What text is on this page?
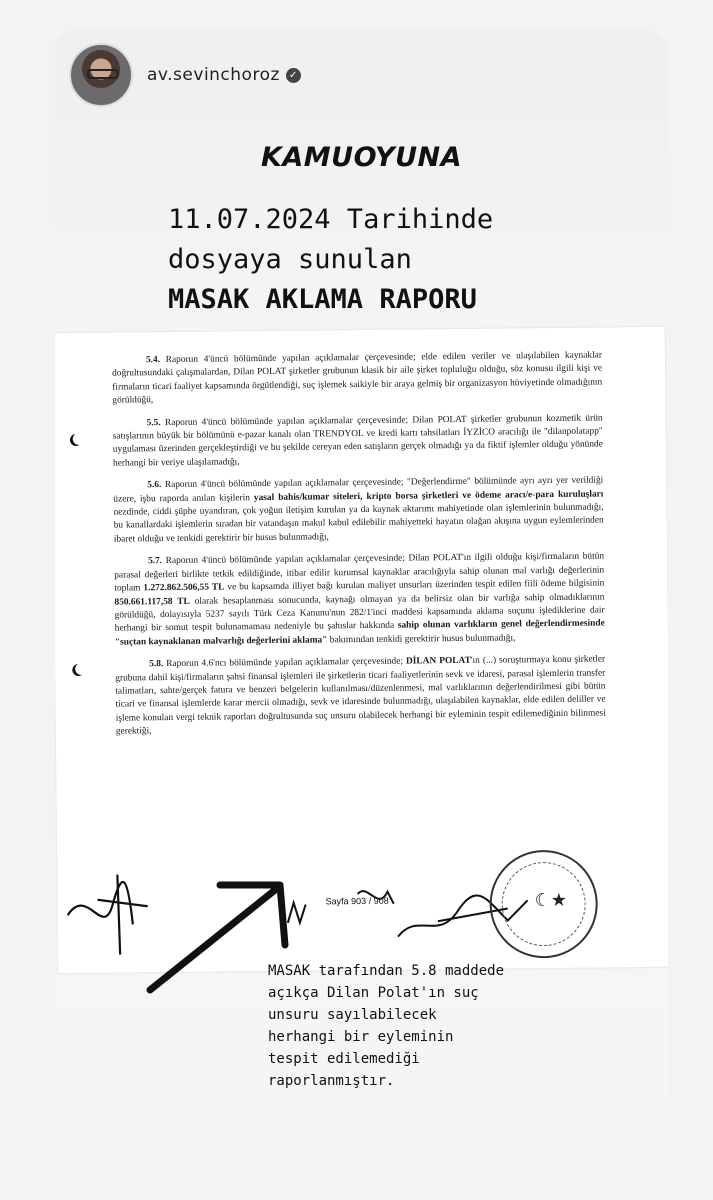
av.sevinchoroz ✓
KAMUOYUNA
11.07.2024 Tarihinde
dosyaya sunulan
MASAK AKLAMA RAPORU
5.4. Raporun 4'üncü bölümünde yapılan açıklamalar çerçevesinde; elde edilen veriler ve ulaşılabilen kaynaklar doğrultusundaki çalışmalardan, Dilan POLAT şirketler grubunun klasik bir aile şirket topluluğu olduğu, söz konusu ilgili kişi ve firmaların ticari faaliyet kapsamında örgütlendiği, suç işlemek saikiyle bir araya gelmiş bir organizasyon hüviyetinde olmadığının görüldüğü,
5.5. Raporun 4'üncü bölümünde yapılan açıklamalar çerçevesinde; Dilan POLAT şirketler grubunun kozmetik ürün satışlarının büyük bir bölümünü e-pazar kanalı olan TRENDYOL ve kredi kartı tahsilatları İYZİCO aracılığı ile "dilanpolatapp" uygulaması üzerinden gerçekleştirdiği ve bu şekilde cereyan eden satışların gerçek olmadığı ya da fiktif işlemler olduğu yönünde herhangi bir veriye ulaşılamadığı,
5.6. Raporun 4'üncü bölümünde yapılan açıklamalar çerçevesinde; "Değerlendirme" bölümünde ayrı ayrı yer verildiği üzere, işbu raporda anılan kişilerin yasal bahis/kumar siteleri, kripto borsa şirketleri ve ödeme aracı/e-para kuruluşları nezdinde, ciddi şüphe uyandıran, çok yoğun iletişim kurulan ya da kaynak aktarımı mahiyetinde olan işlemlerinin bulunmadığı, bu kanallardaki işlemlerin sıradan bir vatandaşın makul kabul edilebilir mahiyetteki hayatın olağan akışına uygun eylemlerinden ibaret olduğu ve tenkidi gerektirir bir husus bulunmadığı,
5.7. Raporun 4'üncü bölümünde yapılan açıklamalar çerçevesinde; Dilan POLAT'ın ilgili olduğu kişi/firmaların bütün parasal değerleri birlikte tetkik edildiğinde, itibar edilir kurumsal kaynaklar aracılığıyla sahip olunan mal varlığı değerlerinin toplam 1.272.862.506,55 TL ve bu kapsamda illiyet bağı kurulan maliyet unsurları üzerinden tespit edilen fiili ödeme bilgisinin 850.661.117,58 TL olarak hesaplanması sonucunda, kaynağı olmayan ya da belirsiz olan bir varlığa sahip olmadıklarının görüldüğü, dolayısıyla 5237 sayılı Türk Ceza Kanunu'nun 282/1'inci maddesi kapsamında aklama suçunu işlediklerine dair herhangi bir somut tespit bulunamaması nedeniyle bu şahıslar hakkında sahip olunan varlıkların genel değerlendirmesinde "suçtan kaynaklanan malvarlığı değerlerini aklama" bakımından tenkidi gerektirir husus bulunmadığı,
5.8. Raporun 4.6'ncı bölümünde yapılan açıklamalar çerçevesinde; DİLAN POLAT'ın (...) soruşturmaya konu şirketler grubuna dahil kişi/firmaların şahsi finansal işlemleri ile şirketlerin ticari faaliyetlerinin sevk ve idaresi, parasal işlemlerin transfer talimatları, sahte/gerçek fatura ve benzeri belgelerin kullanılması/düzenlenmesi, mal varlıklarının değerlendirilmesi gibi bütün ticari ve finansal işlemlerde karar mercii olmadığı, sevk ve idaresinde bulunmadığı, ulaşılabilen kaynaklar, elde edilen deliller ve işleme konulan vergi teknik raporları doğrultusunda suç unsuru olabilecek herhangi bir eyleminin tespit edilemediğinin bilinmesi gerektiği,
Sayfa 903 / 908	☾★
MASAK tarafından 5.8 maddede
açıkça Dilan Polat'ın suç
unsuru sayılabilecek
herhangi bir eyleminin
tespit edilemediği
raporlanmıştır.
